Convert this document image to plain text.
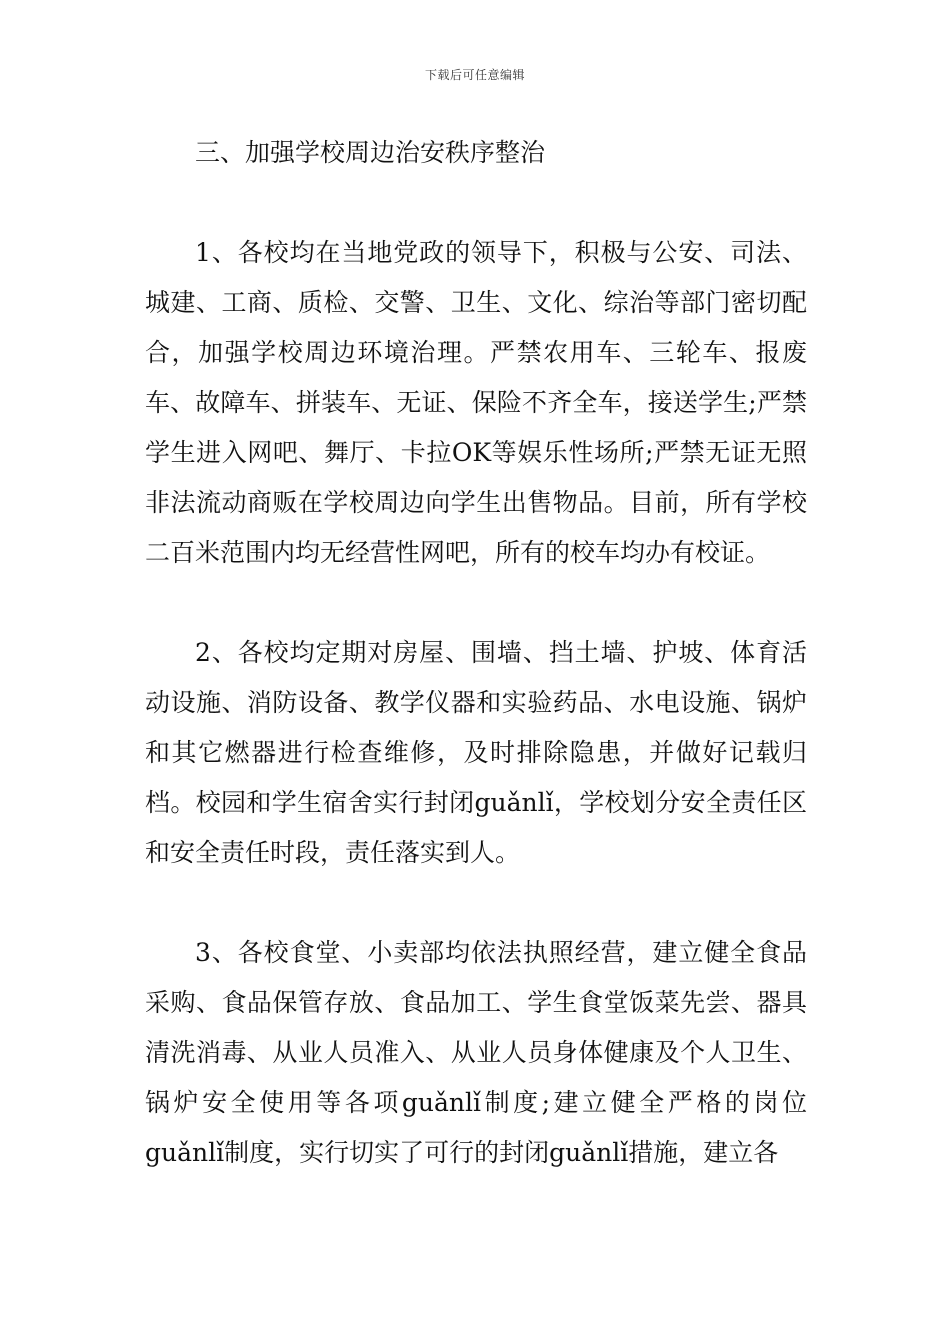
下载后可任意编辑
三、加强学校周边治安秩序整治

1、各校均在当地党政的领导下，积极与公安、司法、城建、工商、质检、交警、卫生、文化、综治等部门密切配合，加强学校周边环境治理。严禁农用车、三轮车、报废车、故障车、拼装车、无证、保险不齐全车，接送学生;严禁学生进入网吧、舞厅、卡拉OK等娱乐性场所;严禁无证无照非法流动商贩在学校周边向学生出售物品。目前，所有学校二百米范围内均无经营性网吧，所有的校车均办有校证。

2、各校均定期对房屋、围墙、挡土墙、护坡、体育活动设施、消防设备、教学仪器和实验药品、水电设施、锅炉和其它燃器进行检查维修，及时排除隐患，并做好记载归档。校园和学生宿舍实行封闭guǎnlǐ，学校划分安全责任区和安全责任时段，责任落实到人。

3、各校食堂、小卖部均依法执照经营，建立健全食品采购、食品保管存放、食品加工、学生食堂饭菜先尝、器具清洗消毒、从业人员准入、从业人员身体健康及个人卫生、锅炉安全使用等各项guǎnlǐ制度;建立健全严格的岗位guǎnlǐ制度，实行切实了可行的封闭guǎnlǐ措施，建立各
